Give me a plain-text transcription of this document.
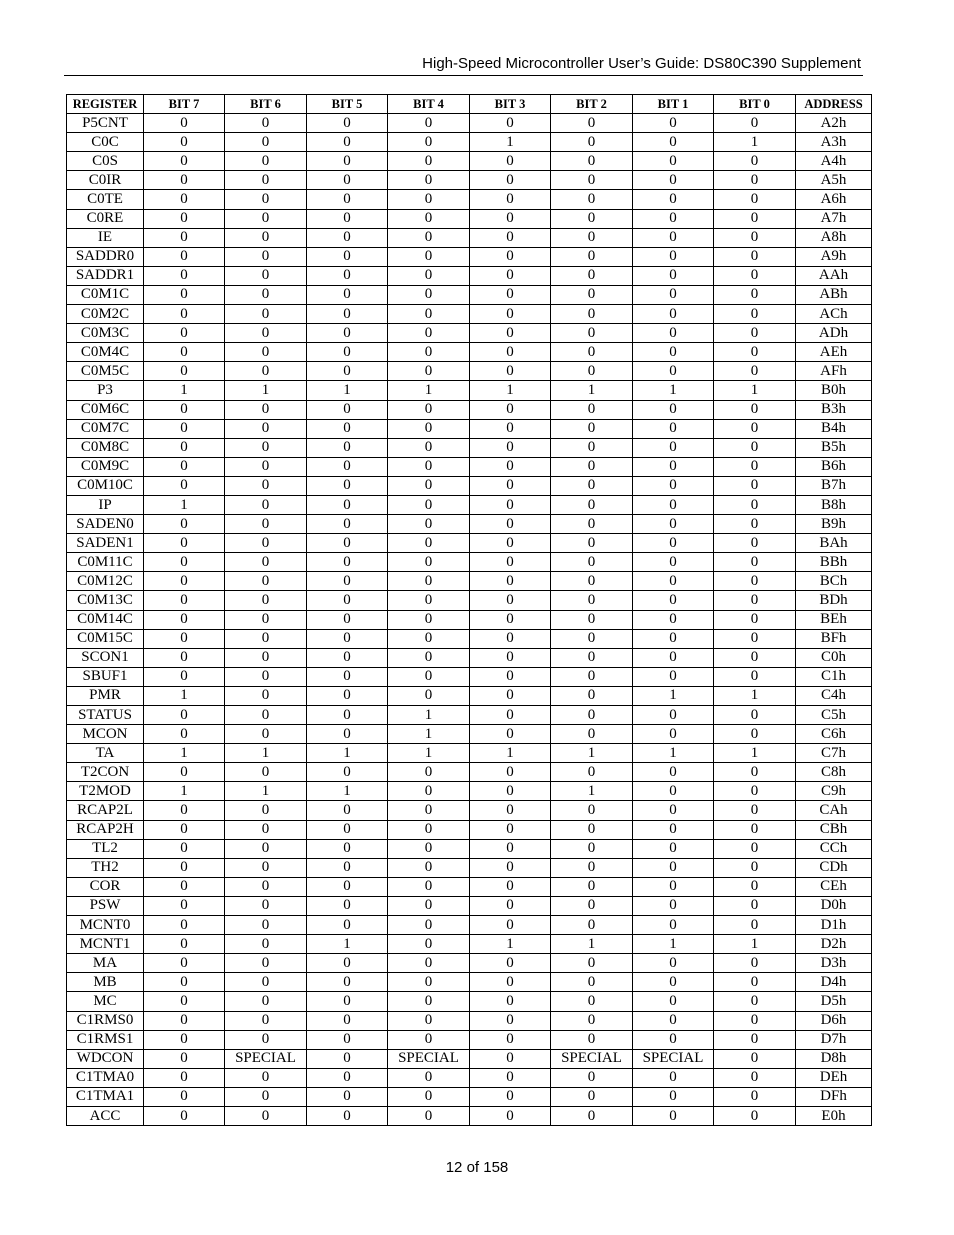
High-Speed Microcontroller User’s Guide: DS80C390 Supplement
REGISTER	BIT 7	BIT 6	BIT 5	BIT 4	BIT 3	BIT 2	BIT 1	BIT 0	ADDRESS
P5CNT	0	0	0	0	0	0	0	0	A2h
C0C	0	0	0	0	1	0	0	1	A3h
C0S	0	0	0	0	0	0	0	0	A4h
C0IR	0	0	0	0	0	0	0	0	A5h
C0TE	0	0	0	0	0	0	0	0	A6h
C0RE	0	0	0	0	0	0	0	0	A7h
IE	0	0	0	0	0	0	0	0	A8h
SADDR0	0	0	0	0	0	0	0	0	A9h
SADDR1	0	0	0	0	0	0	0	0	AAh
C0M1C	0	0	0	0	0	0	0	0	ABh
C0M2C	0	0	0	0	0	0	0	0	ACh
C0M3C	0	0	0	0	0	0	0	0	ADh
C0M4C	0	0	0	0	0	0	0	0	AEh
C0M5C	0	0	0	0	0	0	0	0	AFh
P3	1	1	1	1	1	1	1	1	B0h
C0M6C	0	0	0	0	0	0	0	0	B3h
C0M7C	0	0	0	0	0	0	0	0	B4h
C0M8C	0	0	0	0	0	0	0	0	B5h
C0M9C	0	0	0	0	0	0	0	0	B6h
C0M10C	0	0	0	0	0	0	0	0	B7h
IP	1	0	0	0	0	0	0	0	B8h
SADEN0	0	0	0	0	0	0	0	0	B9h
SADEN1	0	0	0	0	0	0	0	0	BAh
C0M11C	0	0	0	0	0	0	0	0	BBh
C0M12C	0	0	0	0	0	0	0	0	BCh
C0M13C	0	0	0	0	0	0	0	0	BDh
C0M14C	0	0	0	0	0	0	0	0	BEh
C0M15C	0	0	0	0	0	0	0	0	BFh
SCON1	0	0	0	0	0	0	0	0	C0h
SBUF1	0	0	0	0	0	0	0	0	C1h
PMR	1	0	0	0	0	0	1	1	C4h
STATUS	0	0	0	1	0	0	0	0	C5h
MCON	0	0	0	1	0	0	0	0	C6h
TA	1	1	1	1	1	1	1	1	C7h
T2CON	0	0	0	0	0	0	0	0	C8h
T2MOD	1	1	1	0	0	1	0	0	C9h
RCAP2L	0	0	0	0	0	0	0	0	CAh
RCAP2H	0	0	0	0	0	0	0	0	CBh
TL2	0	0	0	0	0	0	0	0	CCh
TH2	0	0	0	0	0	0	0	0	CDh
COR	0	0	0	0	0	0	0	0	CEh
PSW	0	0	0	0	0	0	0	0	D0h
MCNT0	0	0	0	0	0	0	0	0	D1h
MCNT1	0	0	1	0	1	1	1	1	D2h
MA	0	0	0	0	0	0	0	0	D3h
MB	0	0	0	0	0	0	0	0	D4h
MC	0	0	0	0	0	0	0	0	D5h
C1RMS0	0	0	0	0	0	0	0	0	D6h
C1RMS1	0	0	0	0	0	0	0	0	D7h
WDCON	0	SPECIAL	0	SPECIAL	0	SPECIAL	SPECIAL	0	D8h
C1TMA0	0	0	0	0	0	0	0	0	DEh
C1TMA1	0	0	0	0	0	0	0	0	DFh
ACC	0	0	0	0	0	0	0	0	E0h
12 of 158
